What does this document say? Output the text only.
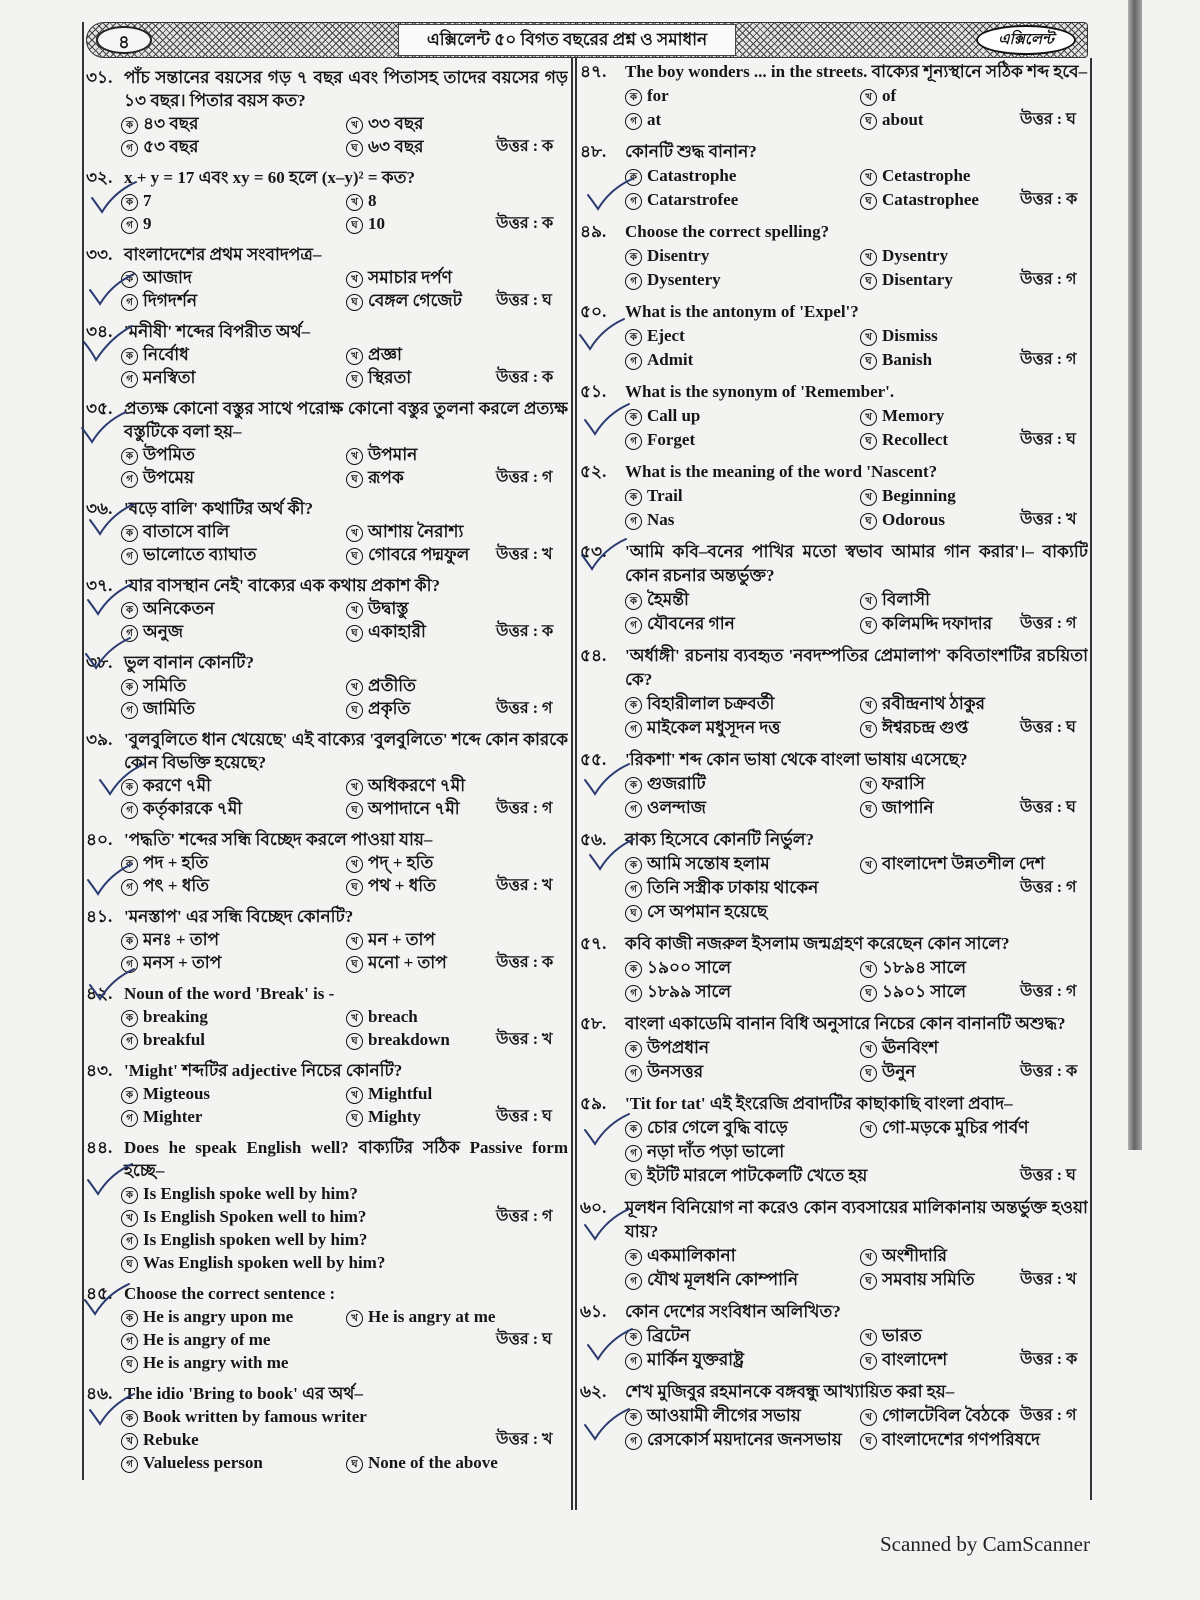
৪	এক্সিলেন্ট ৫০ বিগত বছরের প্রশ্ন ও সমাধান	এক্সিলেন্ট
৩১. পাঁচ সন্তানের বয়সের গড় ৭ বছর এবং পিতাসহ তাদের বয়সের গড় ১৩ বছর। পিতার বয়স কত?
ক ৪৩ বছর	খ ৩৩ বছর
গ ৫৩ বছর	ঘ ৬৩ বছর	উত্তর : ক
৩২. x + y = 17 এবং xy = 60 হলে (x–y)² = কত?
ক 7	খ 8
গ 9	ঘ 10	উত্তর : ক
৩৩. বাংলাদেশের প্রথম সংবাদপত্র–
ক আজাদ	খ সমাচার দর্পণ
গ দিগদর্শন	ঘ বেঙ্গল গেজেট	উত্তর : ঘ
৩৪. 'মনীষী' শব্দের বিপরীত অর্থ–
ক নির্বোধ	খ প্রজ্ঞা
গ মনস্বিতা	ঘ স্থিরতা	উত্তর : ক
৩৫. প্রত্যক্ষ কোনো বস্তুর সাথে পরোক্ষ কোনো বস্তুর তুলনা করলে প্রত্যক্ষ বস্তুটিকে বলা হয়–
ক উপমিত	খ উপমান
গ উপমেয়	ঘ রূপক	উত্তর : গ
৩৬. 'ষড়ে বালি' কথাটির অর্থ কী?
ক বাতাসে বালি	খ আশায় নৈরাশ্য
গ ভালোতে ব্যাঘাত	ঘ গোবরে পদ্মফুল	উত্তর : খ
৩৭. 'যার বাসস্থান নেই' বাক্যের এক কথায় প্রকাশ কী?
ক অনিকেতন	খ উদ্বাস্তু
গ অনুজ	ঘ একাহারী	উত্তর : ক
৩৮. ভুল বানান কোনটি?
ক সমিতি	খ প্রতীতি
গ জামিতি	ঘ প্রকৃতি	উত্তর : গ
৩৯. 'বুলবুলিতে ধান খেয়েছে' এই বাক্যের 'বুলবুলিতে' শব্দে কোন কারকে কোন বিভক্তি হয়েছে?
ক করণে ৭মী	খ অধিকরণে ৭মী
গ কর্তৃকারকে ৭মী	ঘ অপাদানে ৭মী	উত্তর : গ
৪০. 'পদ্ধতি' শব্দের সন্ধি বিচ্ছেদ করলে পাওয়া যায়–
ক পদ + হতি	খ পদ্ + হতি
গ পৎ + ধতি	ঘ পথ + ধতি	উত্তর : খ
৪১. 'মনস্তাপ' এর সন্ধি বিচ্ছেদ কোনটি?
ক মনঃ + তাপ	খ মন + তাপ
গ মনস + তাপ	ঘ মনো + তাপ	উত্তর : ক
৪২. Noun of the word 'Break' is -
ক breaking	খ breach
গ breakful	ঘ breakdown	উত্তর : খ
৪৩. 'Might' শব্দটির adjective নিচের কোনটি?
ক Migteous	খ Mightful
গ Mighter	ঘ Mighty	উত্তর : ঘ
৪৪. Does he speak English well? বাক্যটির সঠিক Passive form হচ্ছে–
ক Is English spoke well by him?
খ Is English Spoken well to him?	উত্তর : গ
গ Is English spoken well by him?
ঘ Was English spoken well by him?
৪৫. Choose the correct sentence :
ক He is angry upon me	খ He is angry at me
গ He is angry of me	উত্তর : ঘ
ঘ He is angry with me
৪৬. The idio 'Bring to book' এর অর্থ–
ক Book written by famous writer
খ Rebuke	উত্তর : খ
গ Valueless person	ঘ None of the above
৪৭.	The boy wonders ... in the streets. বাক্যের শূন্যস্থানে সঠিক শব্দ হবে–
ক for	খ of
গ at	ঘ about	উত্তর : ঘ
৪৮.	কোনটি শুদ্ধ বানান?
ক Catastrophe	খ Cetastrophe
গ Catarstrofee	ঘ Catastrophee	উত্তর : ক
৪৯.	Choose the correct spelling?
ক Disentry	খ Dysentry
গ Dysentery	ঘ Disentary	উত্তর : গ
৫০.	What is the antonym of 'Expel'?
ক Eject	খ Dismiss
গ Admit	ঘ Banish	উত্তর : গ
৫১.	What is the synonym of 'Remember'.
ক Call up	খ Memory
গ Forget	ঘ Recollect	উত্তর : ঘ
৫২.	What is the meaning of the word 'Nascent?
ক Trail	খ Beginning
গ Nas	ঘ Odorous	উত্তর : খ
৫৩.	'আমি কবি–বনের পাখির মতো স্বভাব আমার গান করার'।– বাক্যটি কোন রচনার অন্তর্ভুক্ত?
ক হৈমন্তী	খ বিলাসী
গ যৌবনের গান	ঘ কলিমদ্দি দফাদার	উত্তর : গ
৫৪.	'অর্ধাঙ্গী' রচনায় ব্যবহৃত 'নবদম্পতির প্রেমালাপ' কবিতাংশটির রচয়িতা কে?
ক বিহারীলাল চক্রবর্তী	খ রবীন্দ্রনাথ ঠাকুর
গ মাইকেল মধুসূদন দত্ত	ঘ ঈশ্বরচন্দ্র গুপ্ত	উত্তর : ঘ
৫৫.	'রিকশা' শব্দ কোন ভাষা থেকে বাংলা ভাষায় এসেছে?
ক গুজরাটি	খ ফরাসি
গ ওলন্দাজ	ঘ জাপানি	উত্তর : ঘ
৫৬.	বাক্য হিসেবে কোনটি নির্ভুল?
ক আমি সন্তোষ হলাম	খ বাংলাদেশ উন্নতশীল দেশ
গ তিনি সস্ত্রীক ঢাকায় থাকেন	উত্তর : গ
ঘ সে অপমান হয়েছে
৫৭.	কবি কাজী নজরুল ইসলাম জন্মগ্রহণ করেছেন কোন সালে?
ক ১৯০০ সালে	খ ১৮৯৪ সালে
গ ১৮৯৯ সালে	ঘ ১৯০১ সালে	উত্তর : গ
৫৮.	বাংলা একাডেমি বানান বিধি অনুসারে নিচের কোন বানানটি অশুদ্ধ?
ক উপপ্রধান	খ ঊনবিংশ
গ উনসত্তর	ঘ উনুন	উত্তর : ক
৫৯.	'Tit for tat' এই ইংরেজি প্রবাদটির কাছাকাছি বাংলা প্রবাদ–
ক চোর গেলে বুদ্ধি বাড়ে	খ গো-মড়কে মুচির পার্বণ
গ নড়া দাঁত পড়া ভালো
ঘ ইটটি মারলে পাটকেলটি খেতে হয়	উত্তর : ঘ
৬০.	মূলধন বিনিয়োগ না করেও কোন ব্যবসায়ের মালিকানায় অন্তর্ভুক্ত হওয়া যায়?
ক একমালিকানা	খ অংশীদারি
গ যৌথ মূলধনি কোম্পানি	ঘ সমবায় সমিতি	উত্তর : খ
৬১.	কোন দেশের সংবিধান অলিখিত?
ক ব্রিটেন	খ ভারত
গ মার্কিন যুক্তরাষ্ট্র	ঘ বাংলাদেশ	উত্তর : ক
৬২.	শেখ মুজিবুর রহমানকে বঙ্গবন্ধু আখ্যায়িত করা হয়–
ক আওয়ামী লীগের সভায়	খ গোলটেবিল বৈঠকে উত্তর : গ
গ রেসকোর্স ময়দানের জনসভায়	ঘ বাংলাদেশের গণপরিষদে
Scanned by CamScanner
